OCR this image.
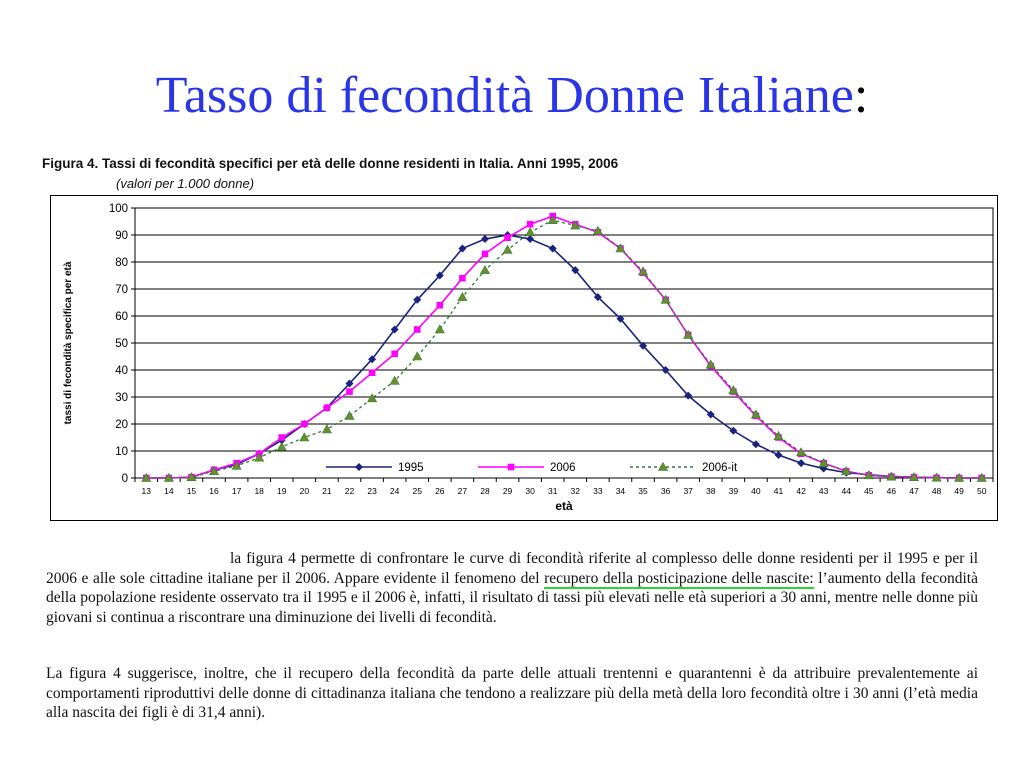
Tasso di fecondità Donne Italiane:
Figura 4. Tassi di fecondità specifici per età delle donne residenti in Italia. Anni 1995, 2006
(valori per 1.000 donne)
0
10
20
30
40
50
60
70
80
90
100
13 14 15 16 17 18 19 20 21 22 23 24 25 26 27 28 29 30 31 32 33 34 35 36 37 38 39 40 41 42 43 44 45 46 47 48 49 50
età
tassi di fecondità specifica per età
1995	2006	2006-it
la figura 4 permette di confrontare le curve di fecondità riferite al complesso delle donne residenti per il 1995 e per il 2006 e alle sole cittadine italiane per il 2006. Appare evidente il fenomeno del recupero della posticipazione delle nascite: l’aumento della fecondità della popolazione residente osservato tra il 1995 e il 2006 è, infatti, il risultato di tassi più elevati nelle età superiori a 30 anni, mentre nelle donne più giovani si continua a riscontrare una diminuzione dei livelli di fecondità.
La figura 4 suggerisce, inoltre, che il recupero della fecondità da parte delle attuali trentenni e quarantenni è da attribuire prevalentemente ai comportamenti riproduttivi delle donne di cittadinanza italiana che tendono a realizzare più della metà della loro fecondità oltre i 30 anni (l’età media alla nascita dei figli è di 31,4 anni).
